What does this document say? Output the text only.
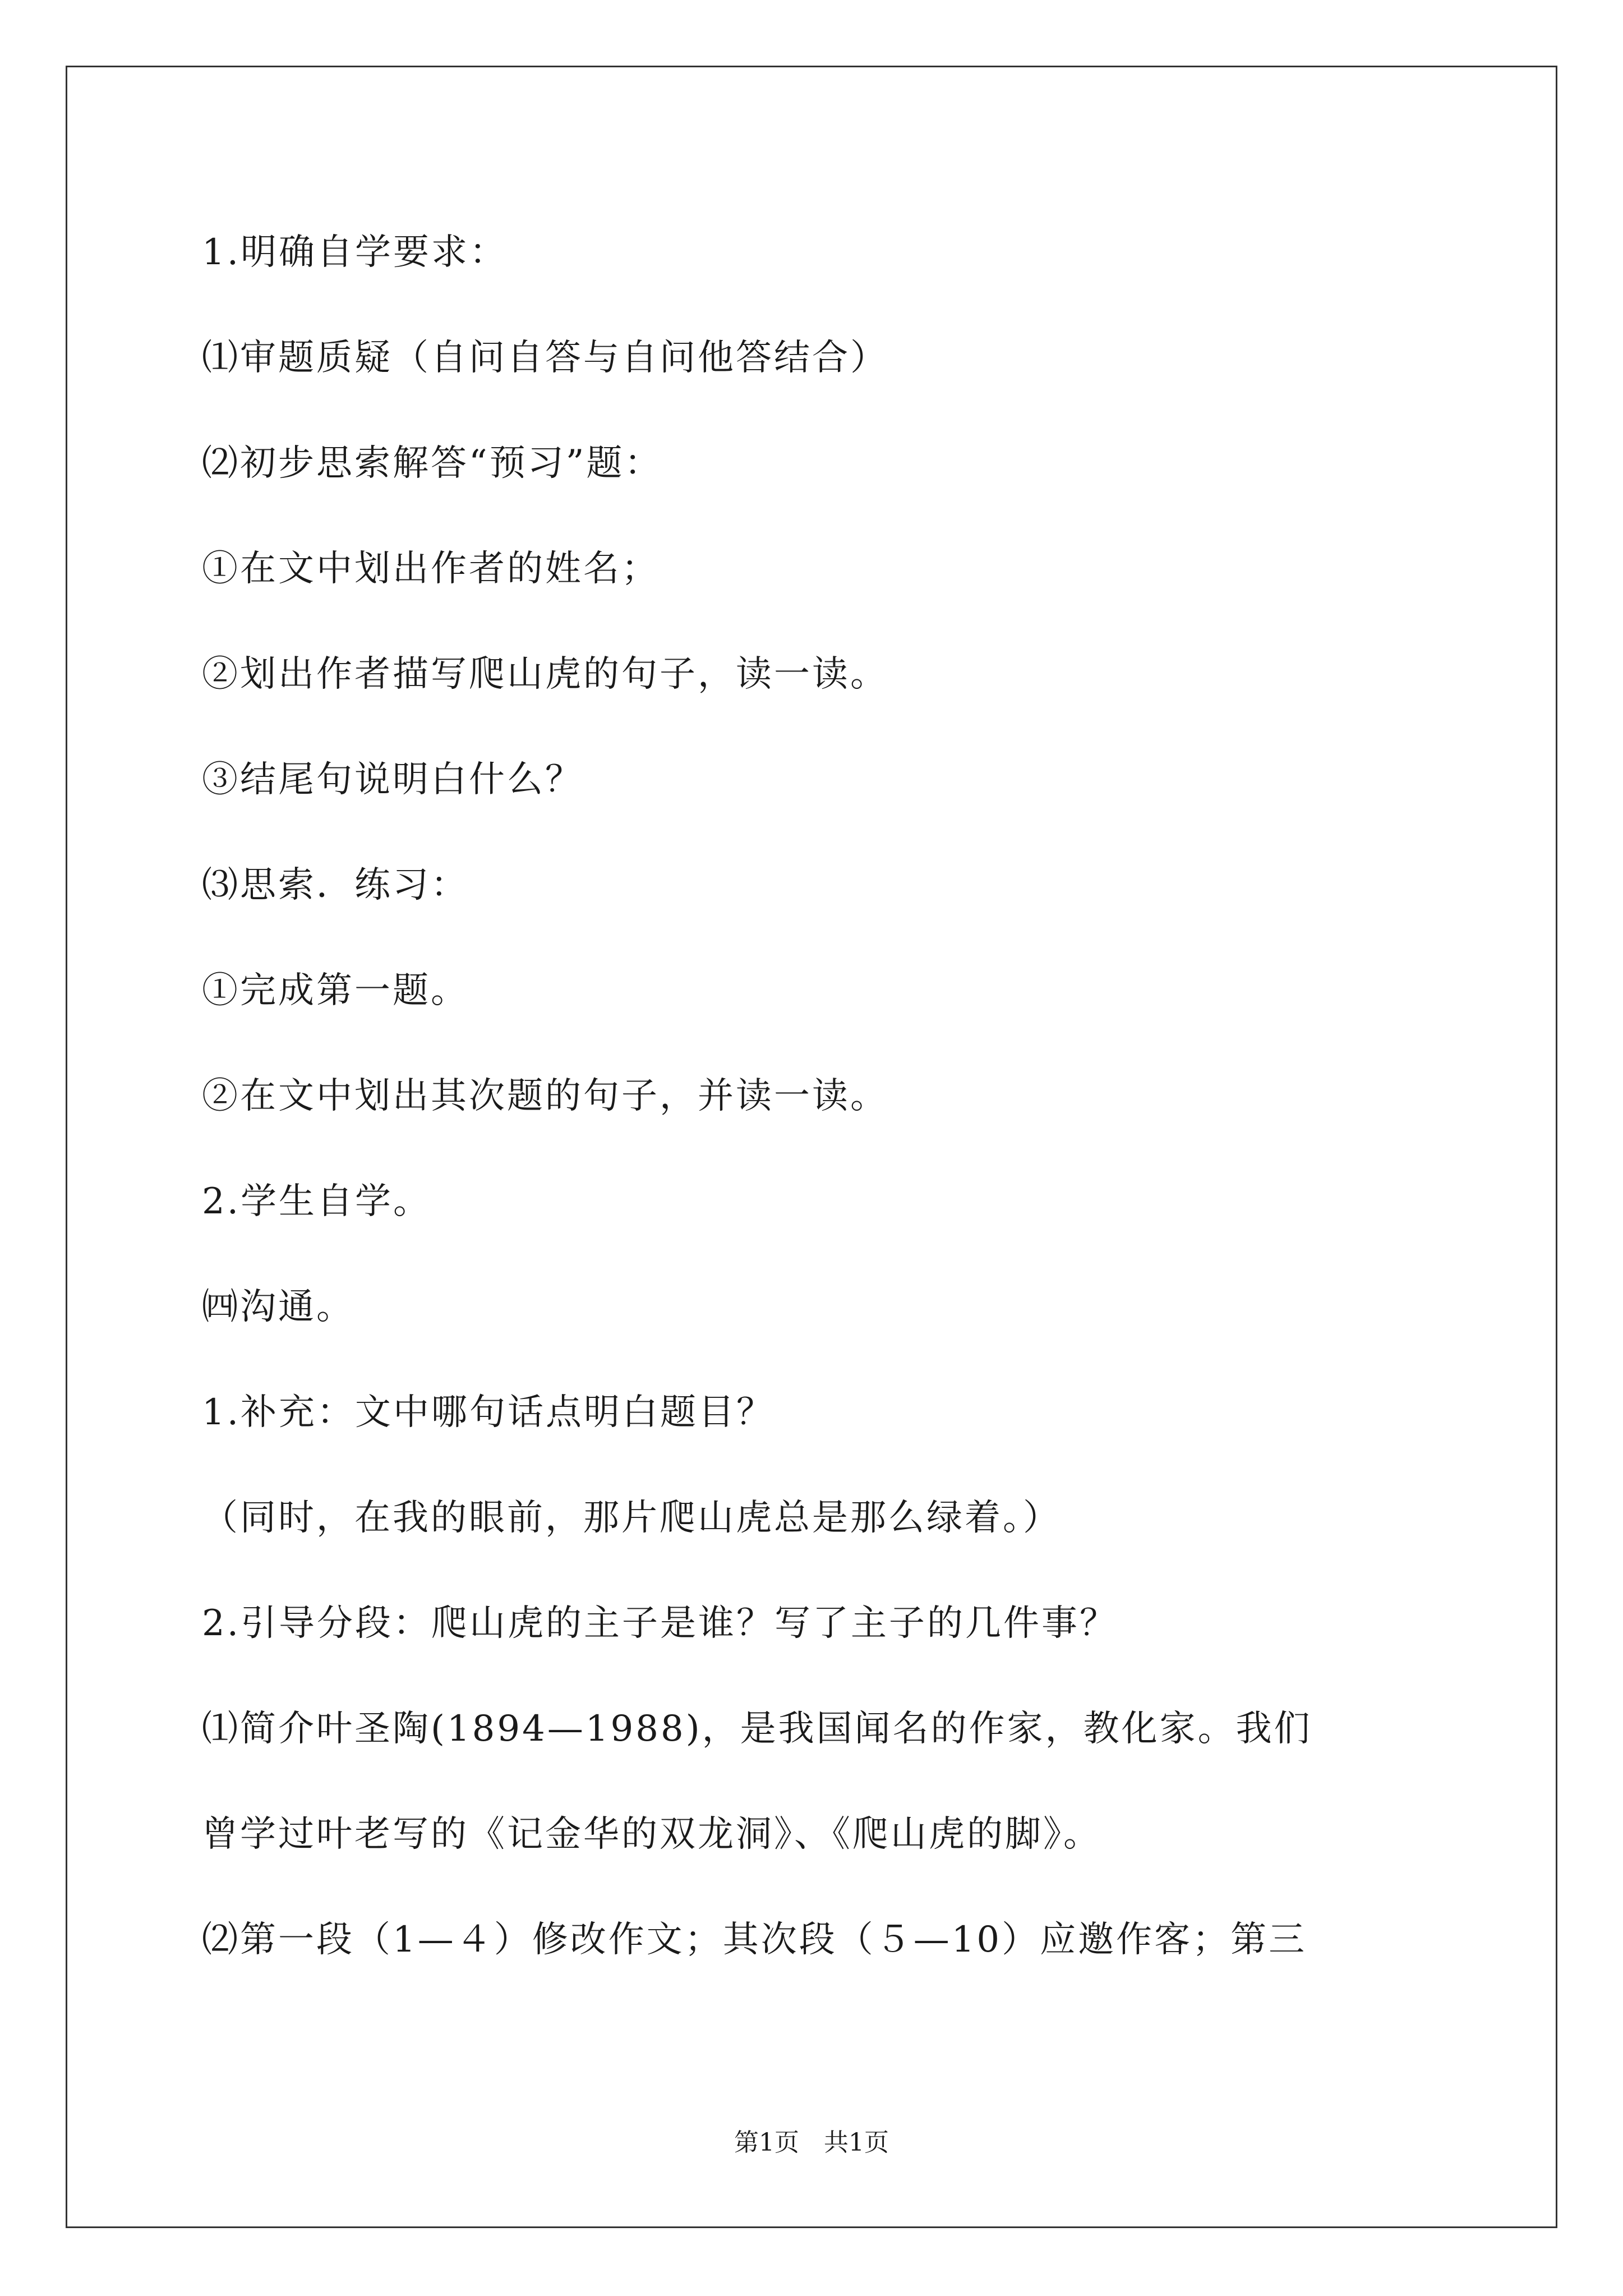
1.明确自学要求：
⑴审题质疑（自问自答与自问他答结合）
⑵初步思索解答“预习”题：
①在文中划出作者的姓名；
②划出作者描写爬山虎的句子，读一读。
③结尾句说明白什么？
⑶思索．练习：
①完成第一题。
②在文中划出其次题的句子，并读一读。
2.学生自学。
㈣沟通。
1.补充：文中哪句话点明白题目？
（同时，在我的眼前，那片爬山虎总是那么绿着。）
2.引导分段：爬山虎的主子是谁？写了主子的几件事？
⑴简介叶圣陶(1894—1988)，是我国闻名的作家，教化家。我们
曾学过叶老写的《记金华的双龙洞》、《爬山虎的脚》。
⑵第一段（1—４）修改作文；其次段（５—10）应邀作客；第三
第1页　共1页
